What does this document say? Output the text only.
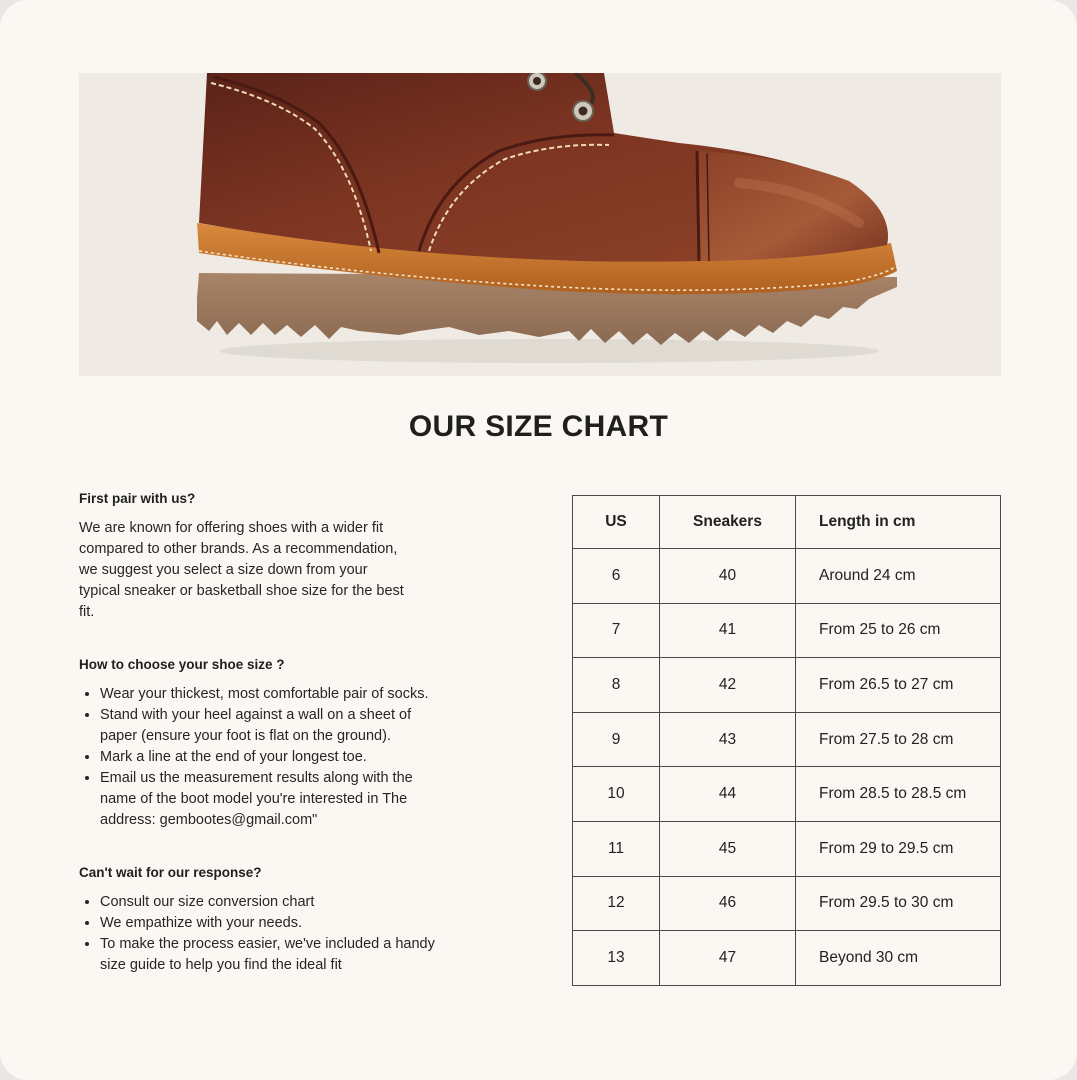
OUR SIZE CHART
First pair with us?

We are known for offering shoes with a wider fit compared to other brands. As a recommendation, we suggest you select a size down from your typical sneaker or basketball shoe size for the best fit.

How to choose your shoe size ?
• Wear your thickest, most comfortable pair of socks.
• Stand with your heel against a wall on a sheet of paper (ensure your foot is flat on the ground).
• Mark a line at the end of your longest toe.
• Email us the measurement results along with the name of the boot model you're interested in The address: gembootes@gmail.com"
Can't wait for our response?
• Consult our size conversion chart
• We empathize with your needs.
• To make the process easier, we've included a handy size guide to help you find the ideal fit
US	Sneakers	Length in cm
6	40	Around 24 cm
7	41	From 25 to 26 cm
8	42	From 26.5 to 27 cm
9	43	From 27.5 to 28 cm
10	44	From 28.5 to 28.5 cm
11	45	From 29 to 29.5 cm
12	46	From 29.5 to 30 cm
13	47	Beyond 30 cm
